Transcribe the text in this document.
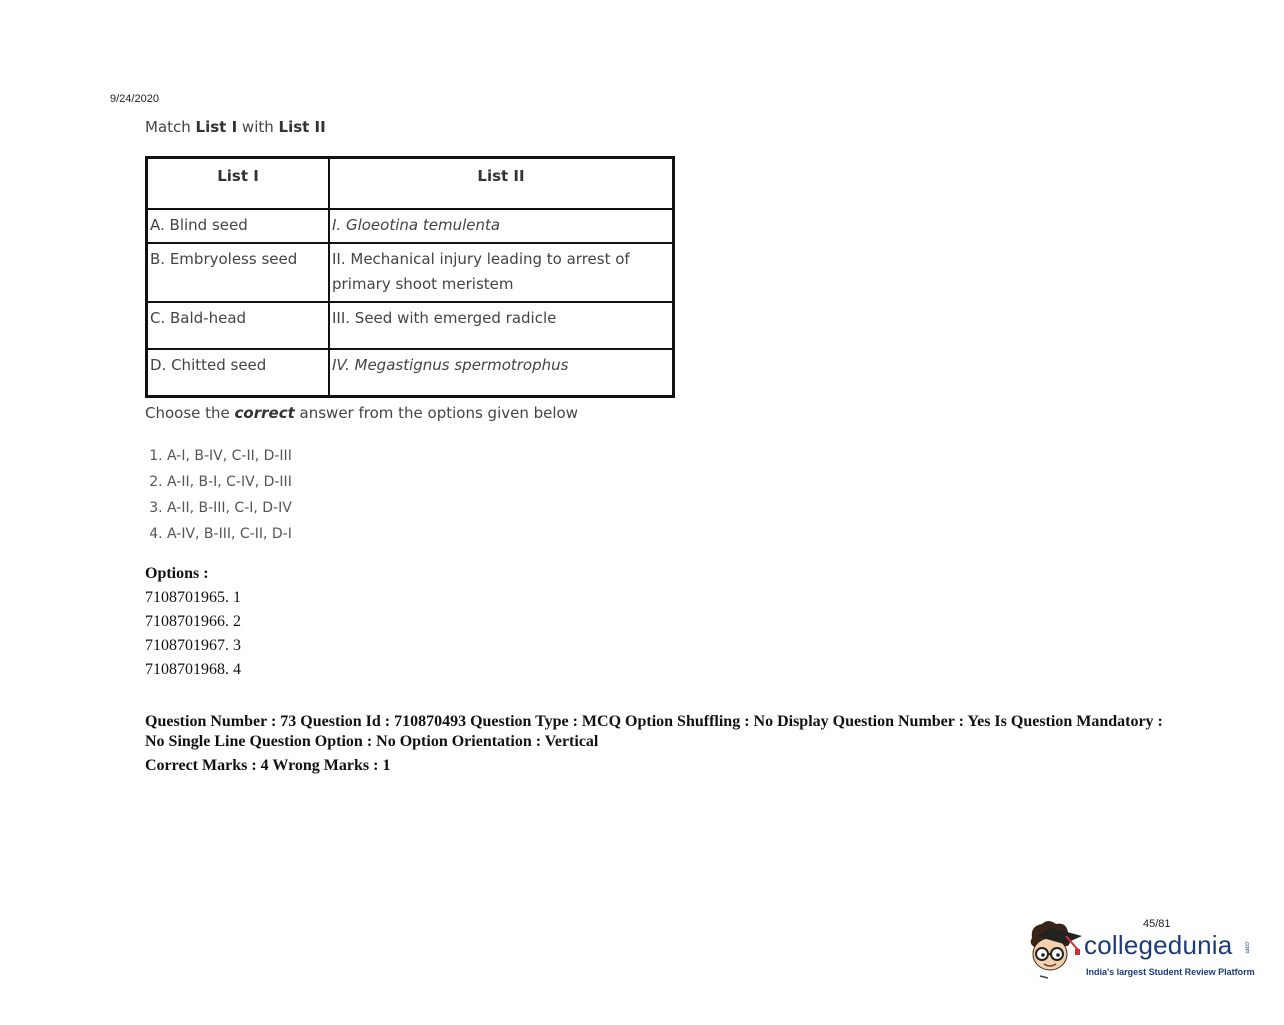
9/24/2020

Match List I with List II

List I	List II
A. Blind seed	I. Gloeotina temulenta
B. Embryoless seed	II. Mechanical injury leading to arrest of primary shoot meristem
C. Bald-head	III. Seed with emerged radicle
D. Chitted seed	IV. Megastignus spermotrophus

Choose the correct answer from the options given below

1. A-I, B-IV, C-II, D-III
2. A-II, B-I, C-IV, D-III
3. A-II, B-III, C-I, D-IV
4. A-IV, B-III, C-II, D-I
Options :
7108701965. 1
7108701966. 2
7108701967. 3
7108701968. 4
Question Number : 73 Question Id : 710870493 Question Type : MCQ Option Shuffling : No Display Question Number : Yes Is Question Mandatory : No Single Line Question Option : No Option Orientation : Vertical
Correct Marks : 4 Wrong Marks : 1
45/81
collegedunia .com
India's largest Student Review Platform
